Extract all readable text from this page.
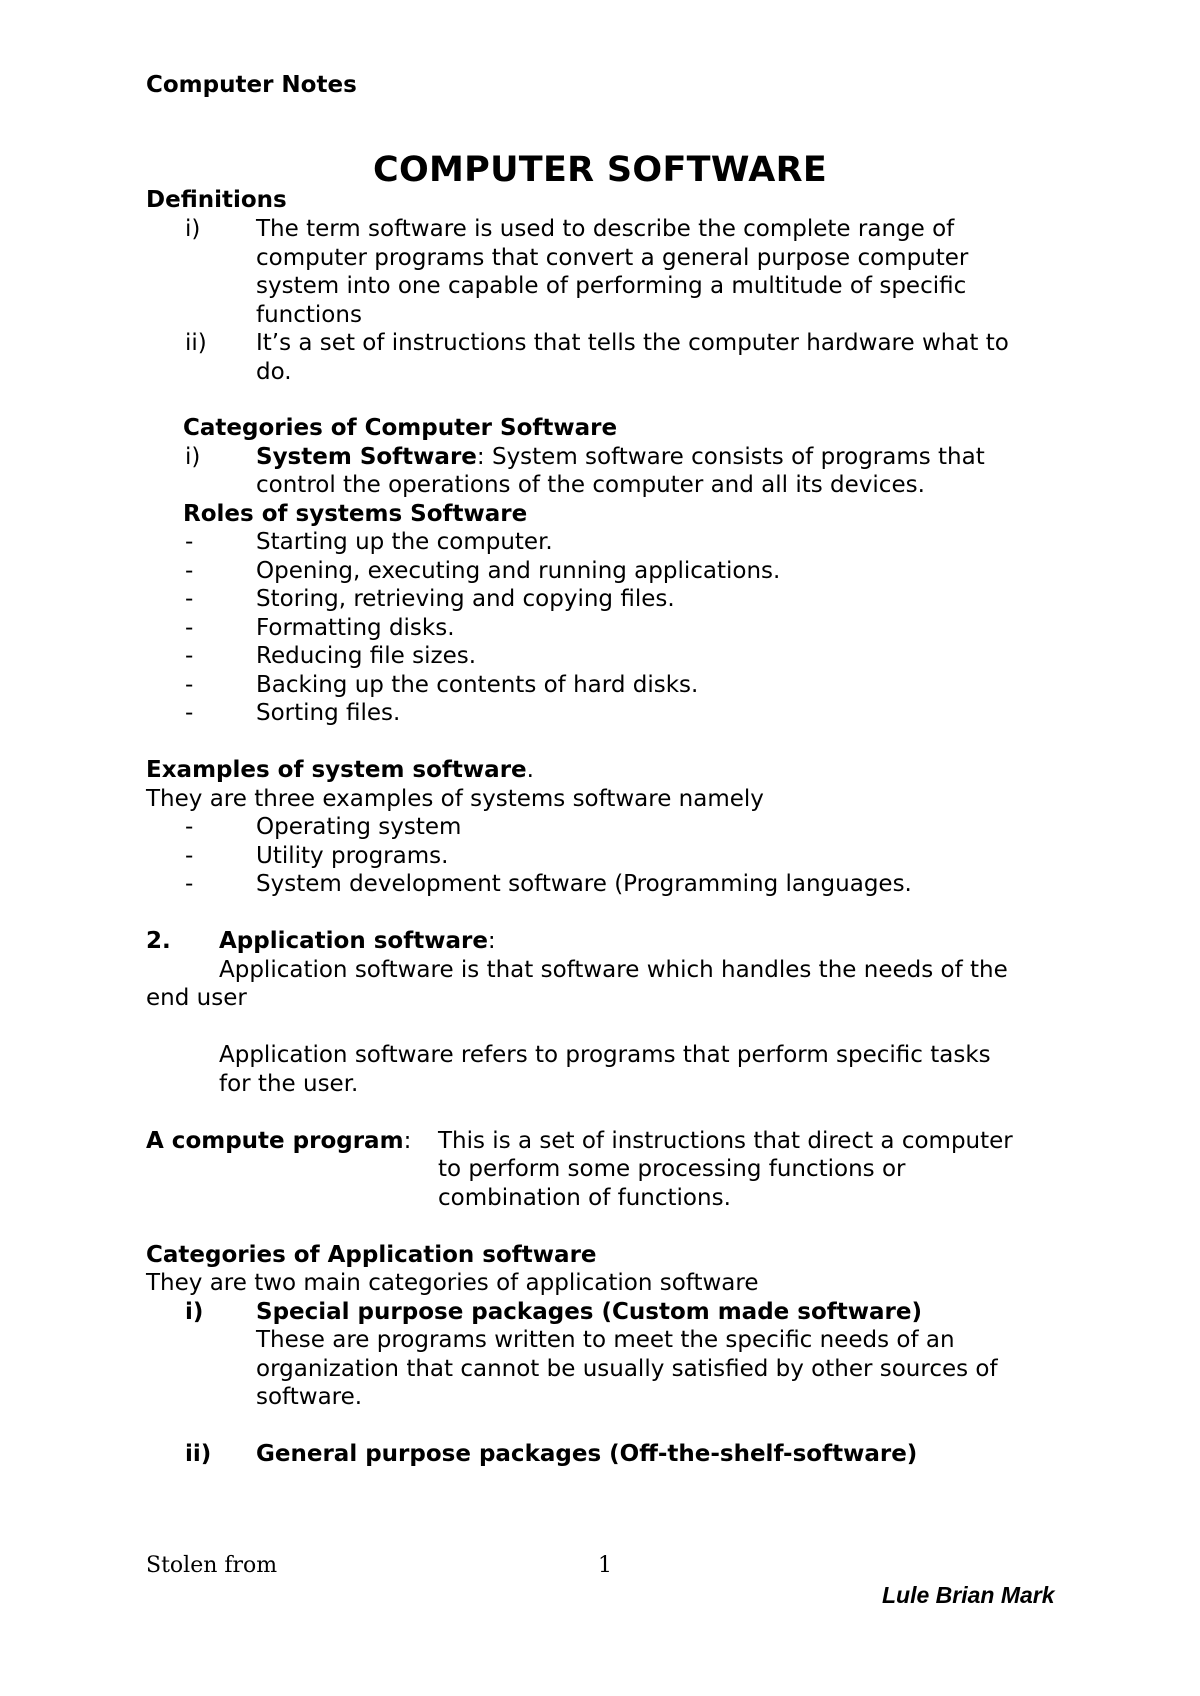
Computer Notes
COMPUTER SOFTWARE
Definitions
i) The term software is used to describe the complete range of
computer programs that convert a general purpose computer
system into one capable of performing a multitude of specific
functions
ii) It’s a set of instructions that tells the computer hardware what to
do.
Categories of Computer Software
i) System Software: System software consists of programs that
control the operations of the computer and all its devices.
Roles of systems Software
-	Starting up the computer.
-	Opening, executing and running applications.
-	Storing, retrieving and copying files.
-	Formatting disks.
-	Reducing file sizes.
-	Backing up the contents of hard disks.
-	Sorting files.
Examples of system software.
They are three examples of systems software namely
-	Operating system
-	Utility programs.
-	System development software (Programming languages.
2. Application software:
Application software is that software which handles the needs of the
end user
Application software refers to programs that perform specific tasks
for the user.
A compute program: This is a set of instructions that direct a computer
to perform some processing functions or
combination of functions.
Categories of Application software
They are two main categories of application software
i) Special purpose packages (Custom made software)
These are programs written to meet the specific needs of an
organization that cannot be usually satisfied by other sources of
software.
ii) General purpose packages (Off-the-shelf-software)
Stolen from	1
Lule Brian Mark
